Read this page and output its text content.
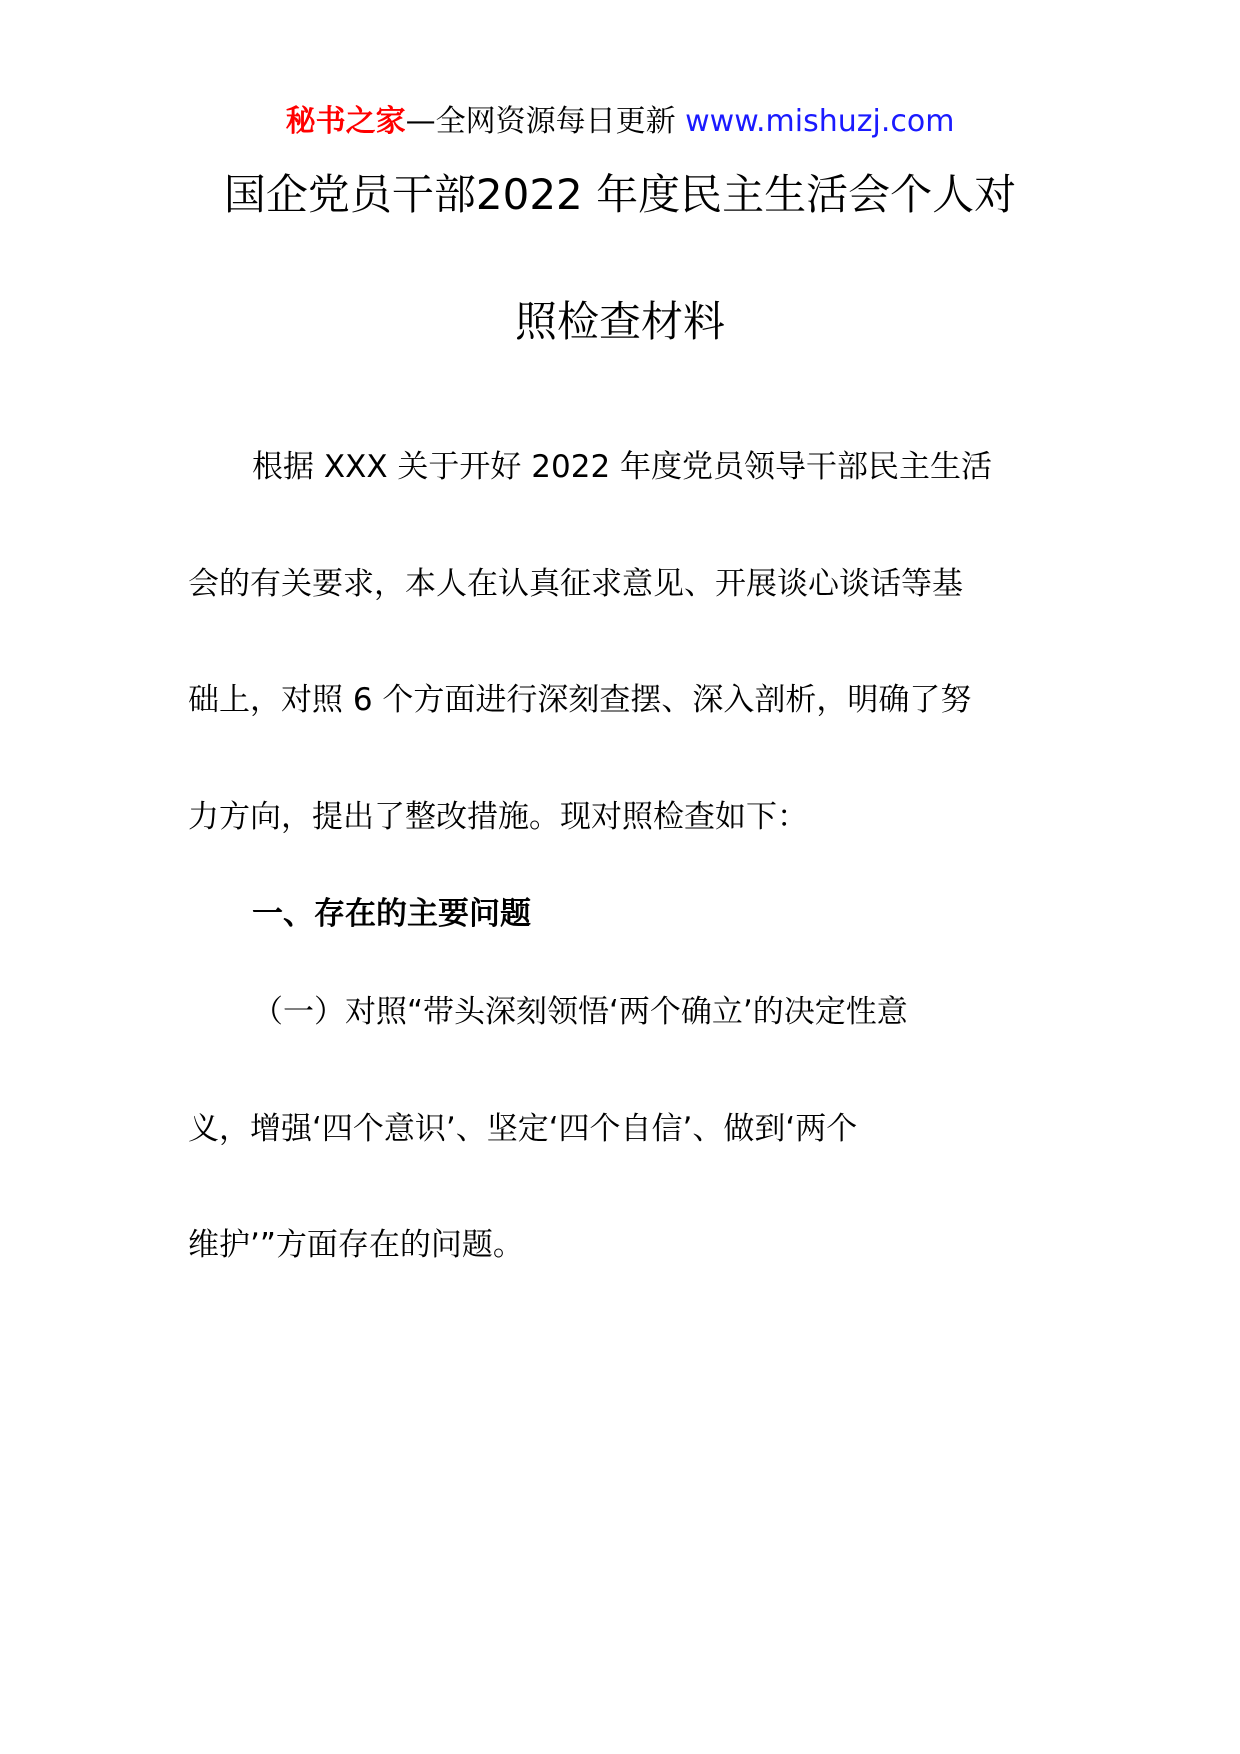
秘书之家—全网资源每日更新 www.mishuzj.com
国企党员干部2022 年度民主生活会个人对
照检查材料
根据 XXX 关于开好 2022 年度党员领导干部民主生活
会的有关要求，本人在认真征求意见、开展谈心谈话等基
础上，对照 6 个方面进行深刻查摆、深入剖析，明确了努
力方向，提出了整改措施。现对照检查如下：
一、存在的主要问题
（一）对照“带头深刻领悟‘两个确立’的决定性意
义，增强‘四个意识’、坚定‘四个自信’、做到‘两个
维护’”方面存在的问题。
